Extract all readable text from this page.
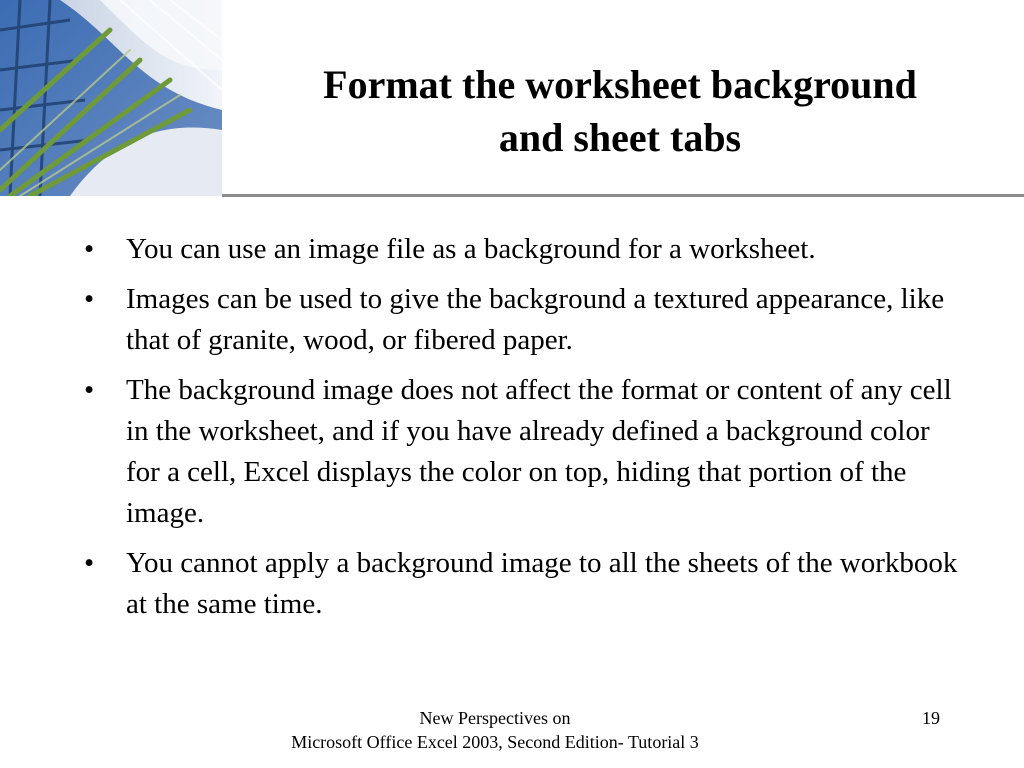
Format the worksheet background
and sheet tabs
• You can use an image file as a background for a worksheet.
• Images can be used to give the background a textured appearance, like that of granite, wood, or fibered paper.
• The background image does not affect the format or content of any cell in the worksheet, and if you have already defined a background color for a cell, Excel displays the color on top, hiding that portion of the image.
• You cannot apply a background image to all the sheets of the workbook at the same time.
New Perspectives on
Microsoft Office Excel 2003, Second Edition- Tutorial 3
19
